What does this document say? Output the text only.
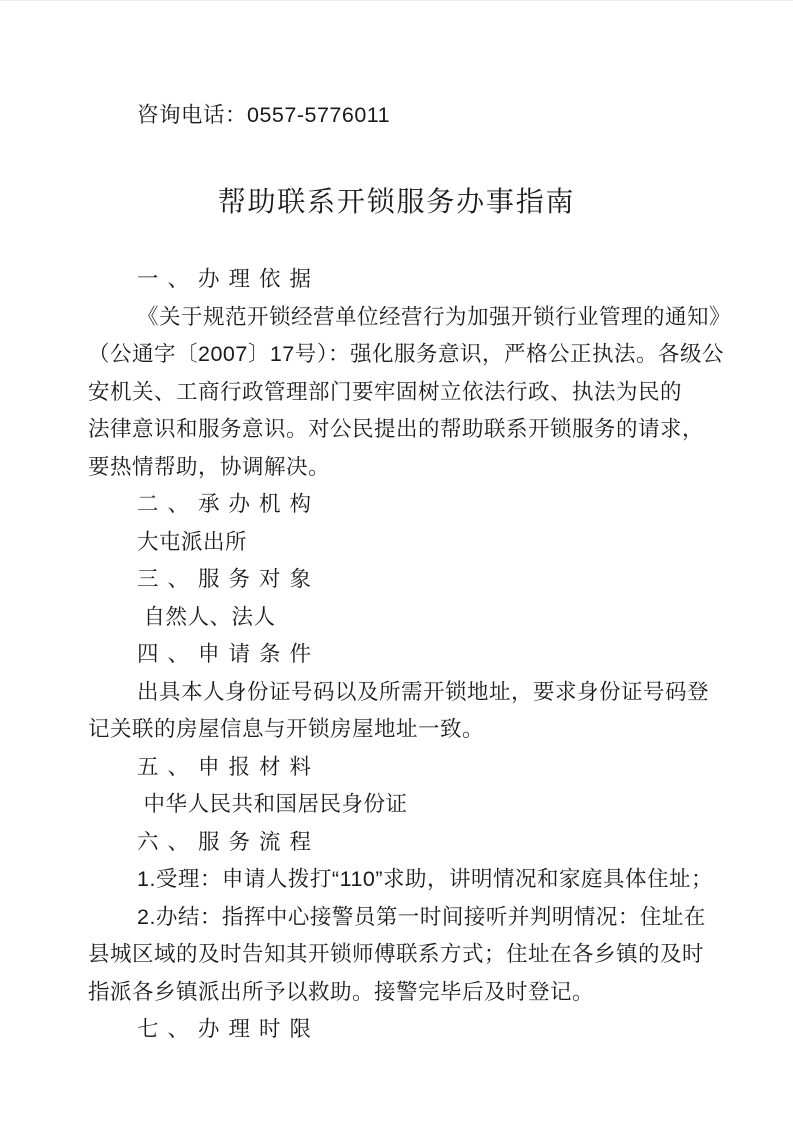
咨询电话：0557-5776011
帮助联系开锁服务办事指南
一、办理依据
《关于规范开锁经营单位经营行为加强开锁行业管理的通知》
（公通字〔2007〕17号）：强化服务意识，严格公正执法。各级公
安机关、工商行政管理部门要牢固树立依法行政、执法为民的
法律意识和服务意识。对公民提出的帮助联系开锁服务的请求，
要热情帮助，协调解决。
二、承办机构
大屯派出所
三、服务对象
自然人、法人
四、申请条件
出具本人身份证号码以及所需开锁地址，要求身份证号码登
记关联的房屋信息与开锁房屋地址一致。
五、申报材料
中华人民共和国居民身份证
六、服务流程
1.受理：申请人拨打“110”求助，讲明情况和家庭具体住址；
2.办结：指挥中心接警员第一时间接听并判明情况：住址在
县城区域的及时告知其开锁师傅联系方式；住址在各乡镇的及时
指派各乡镇派出所予以救助。接警完毕后及时登记。
七、办理时限
